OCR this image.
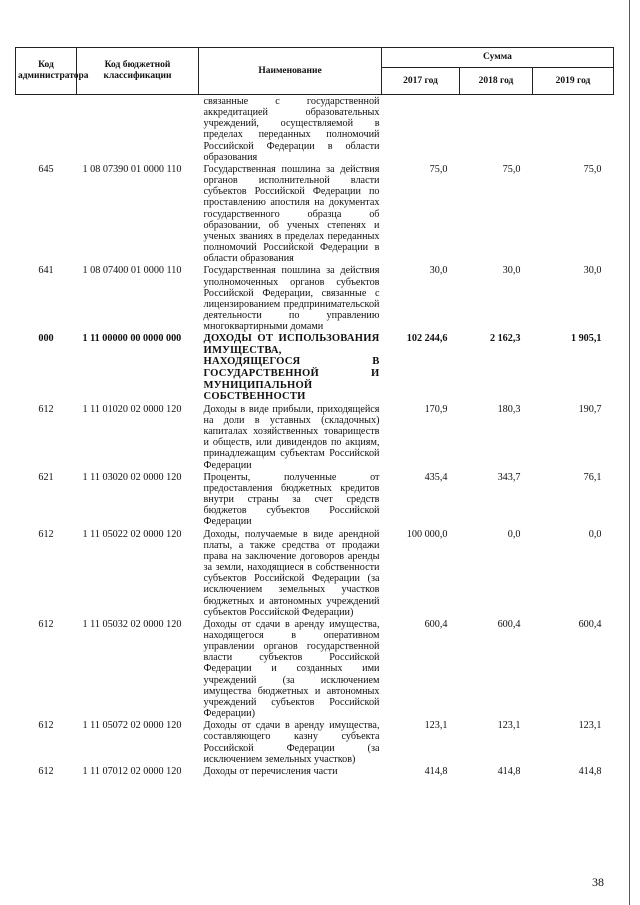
Код администратора	Код бюджетной классификации	Наименование	Сумма		
			2017 год	2018 год	2019 год
		связанные с государственной аккредитацией образовательных учреждений, осуществляемой в пределах переданных полномочий Российской Федерации в области образования			
645	1 08 07390 01 0000 110	Государственная пошлина за действия органов исполнительной власти субъектов Российской Федерации по проставлению апостиля на документах государственного образца об образовании, об ученых степенях и ученых званиях в пределах переданных полномочий Российской Федерации в области образования	75,0	75,0	75,0
641	1 08 07400 01 0000 110	Государственная пошлина за действия уполномоченных органов субъектов Российской Федерации, связанные с лицензированием предпринимательской деятельности по управлению многоквартирными домами	30,0	30,0	30,0
000	1 11 00000 00 0000 000	ДОХОДЫ ОТ ИСПОЛЬЗОВАНИЯ ИМУЩЕСТВА, НАХОДЯЩЕГОСЯ В ГОСУДАРСТВЕННОЙ И МУНИЦИПАЛЬНОЙ СОБСТВЕННОСТИ	102 244,6	2 162,3	1 905,1
612	1 11 01020 02 0000 120	Доходы в виде прибыли, приходящейся на доли в уставных (складочных) капиталах хозяйственных товариществ и обществ, или дивидендов по акциям, принадлежащим субъектам Российской Федерации	170,9	180,3	190,7
621	1 11 03020 02 0000 120	Проценты, полученные от предоставления бюджетных кредитов внутри страны за счет средств бюджетов субъектов Российской Федерации	435,4	343,7	76,1
612	1 11 05022 02 0000 120	Доходы, получаемые в виде арендной платы, а также средства от продажи права на заключение договоров аренды за земли, находящиеся в собственности субъектов Российской Федерации (за исключением земельных участков бюджетных и автономных учреждений субъектов Российской Федерации)	100 000,0	0,0	0,0
612	1 11 05032 02 0000 120	Доходы от сдачи в аренду имущества, находящегося в оперативном управлении органов государственной власти субъектов Российской Федерации и созданных ими учреждений (за исключением имущества бюджетных и автономных учреждений субъектов Российской Федерации)	600,4	600,4	600,4
612	1 11 05072 02 0000 120	Доходы от сдачи в аренду имущества, составляющего казну субъекта Российской Федерации (за исключением земельных участков)	123,1	123,1	123,1
612	1 11 07012 02 0000 120	Доходы от перечисления части	414,8	414,8	414,8
38
